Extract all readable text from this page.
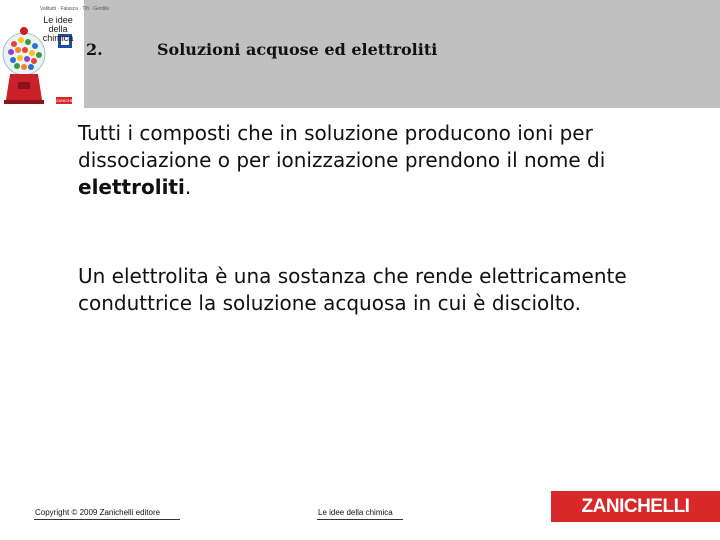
Valitutti · Falasca · Tifi · Gentile
Le idee della chimica
ZANICHELLI
2.	Soluzioni acquose ed elettroliti
Tutti i composti che in soluzione producono ioni per dissociazione o per ionizzazione prendono il nome di elettroliti.
Un elettrolita è una sostanza che rende elettricamente conduttrice la soluzione acquosa in cui è disciolto.
Copyright © 2009 Zanichelli editore	Le idee della chimica	ZANICHELLI
